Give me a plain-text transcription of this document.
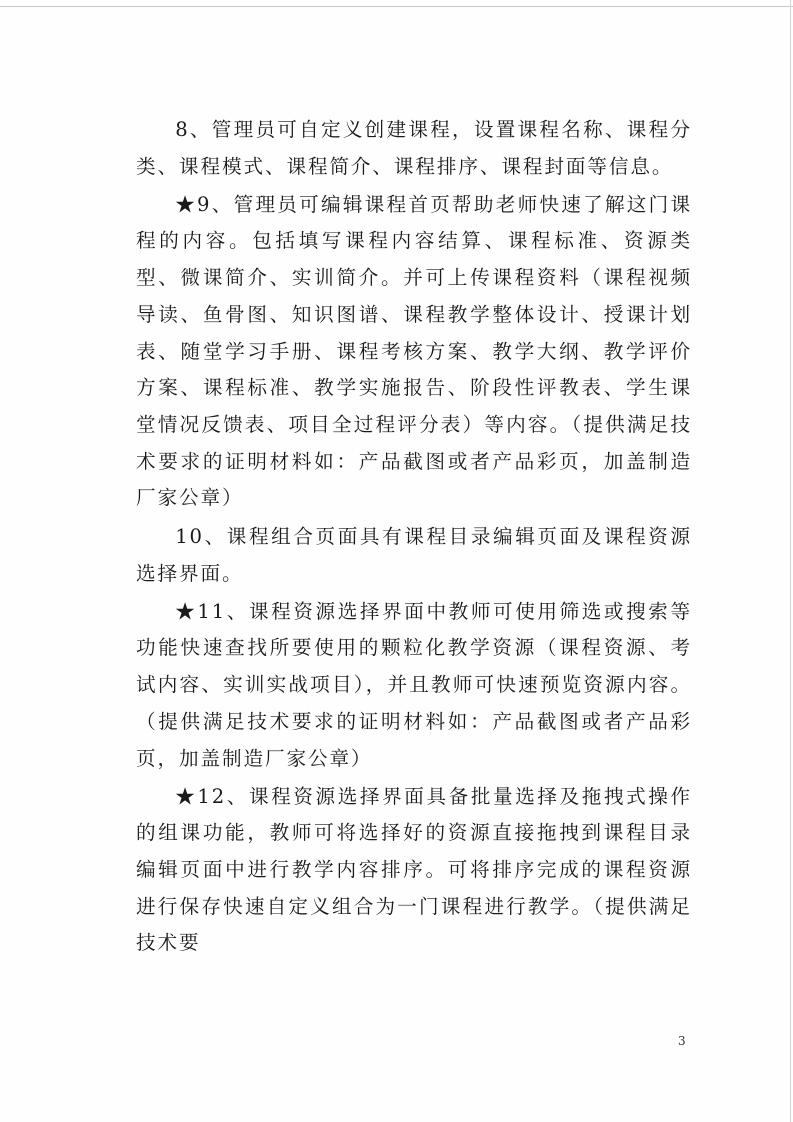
8、管理员可自定义创建课程，设置课程名称、课程分类、课程模式、课程简介、课程排序、课程封面等信息。

★9、管理员可编辑课程首页帮助老师快速了解这门课程的内容。包括填写课程内容结算、课程标准、资源类型、微课简介、实训简介。并可上传课程资料（课程视频导读、鱼骨图、知识图谱、课程教学整体设计、授课计划表、随堂学习手册、课程考核方案、教学大纲、教学评价方案、课程标准、教学实施报告、阶段性评教表、学生课堂情况反馈表、项目全过程评分表）等内容。（提供满足技术要求的证明材料如：产品截图或者产品彩页，加盖制造厂家公章）

10、课程组合页面具有课程目录编辑页面及课程资源选择界面。

★11、课程资源选择界面中教师可使用筛选或搜索等功能快速查找所要使用的颗粒化教学资源（课程资源、考试内容、实训实战项目），并且教师可快速预览资源内容。（提供满足技术要求的证明材料如：产品截图或者产品彩页，加盖制造厂家公章）

★12、课程资源选择界面具备批量选择及拖拽式操作的组课功能，教师可将选择好的资源直接拖拽到课程目录编辑页面中进行教学内容排序。可将排序完成的课程资源进行保存快速自定义组合为一门课程进行教学。（提供满足技术要

3
